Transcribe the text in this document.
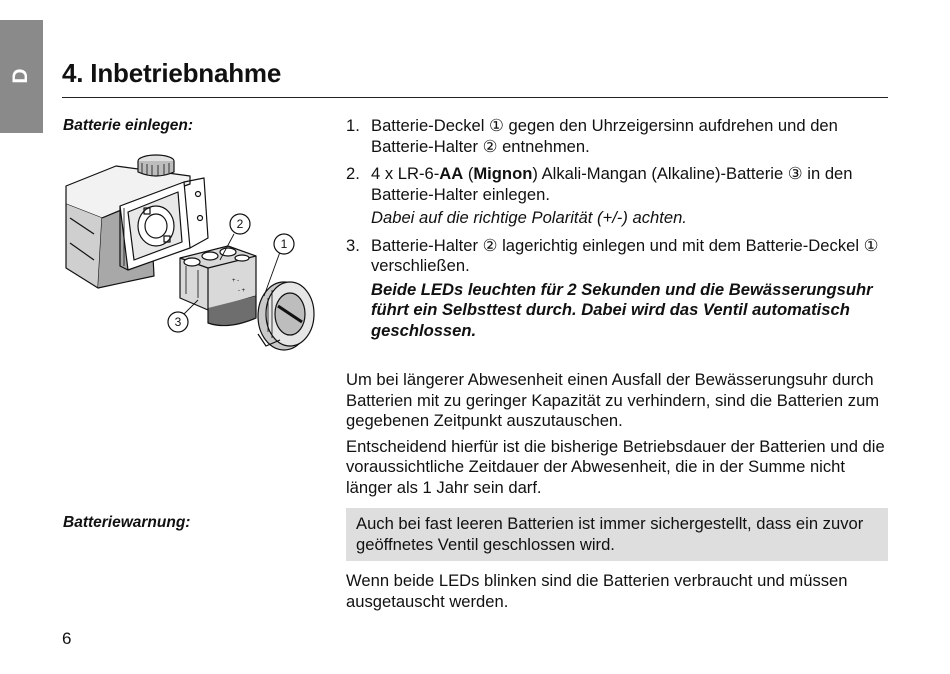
D 4. Inbetriebnahme
Batterie einlegen:
+ -
- +
2
1
3
1. Batterie-Deckel ① gegen den Uhrzeigersinn aufdrehen und den Batterie-Halter ② entnehmen.

2. 4 x LR-6-AA (Mignon) Alkali-Mangan (Alkaline)-Batterie ③ in den Batterie-Halter einlegen.

Dabei auf die richtige Polarität (+/-) achten.

3. Batterie-Halter ② lagerichtig einlegen und mit dem Batterie-Deckel ① verschließen.

Beide LEDs leuchten für 2 Sekunden und die Bewässerungsuhr führt ein Selbsttest durch. Dabei wird das Ventil automatisch geschlossen.

Um bei längerer Abwesenheit einen Ausfall der Bewässerungsuhr durch Batterien mit zu geringer Kapazität zu verhindern, sind die Batterien zum gegebenen Zeitpunkt auszutauschen.

Entscheidend hierfür ist die bisherige Betriebsdauer der Batterien und die voraussichtliche Zeitdauer der Abwesenheit, die in der Summe nicht länger als 1 Jahr sein darf.

Batteriewarnung:	Auch bei fast leeren Batterien ist immer sichergestellt, dass ein zuvor geöffnetes Ventil geschlossen wird.
Wenn beide LEDs blinken sind die Batterien verbraucht und müssen ausgetauscht werden.
6
